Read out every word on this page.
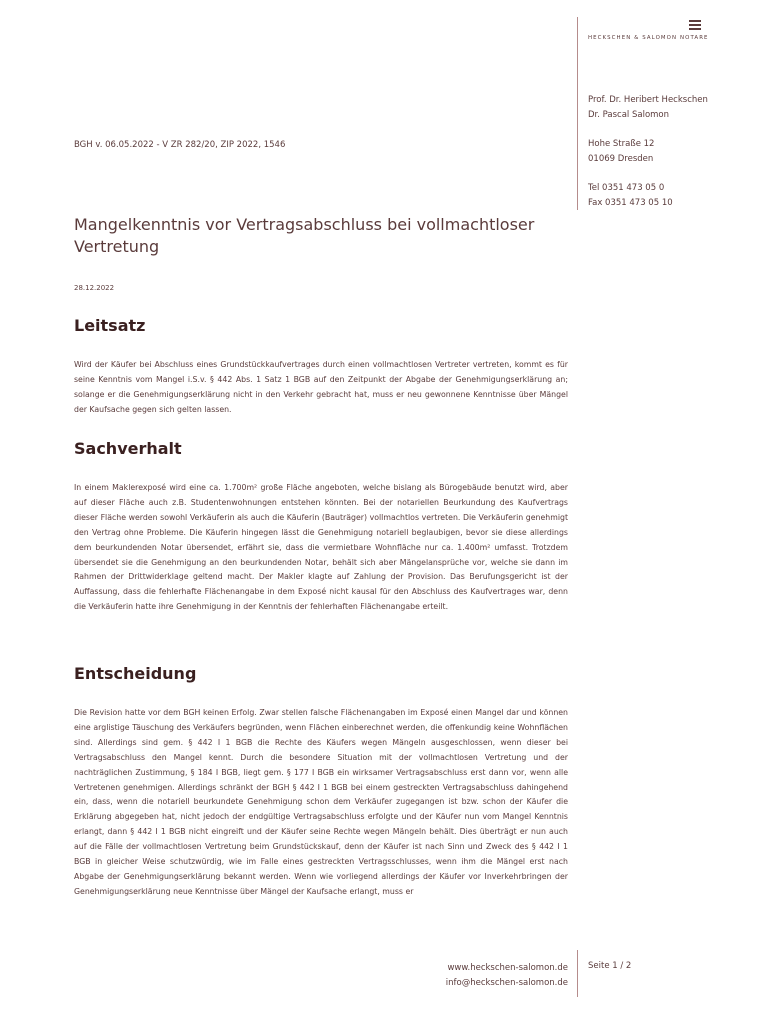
HECKSCHEN & SALOMON NOTARE
Prof. Dr. Heribert Heckschen
Dr. Pascal Salomon
Hohe Straße 12
01069 Dresden
Tel 0351 473 05 0
Fax 0351 473 05 10
BGH v. 06.05.2022 - V ZR 282/20, ZIP 2022, 1546
Mangelkenntnis vor Vertragsabschluss bei vollmachtloser Vertretung
28.12.2022
Leitsatz

Wird der Käufer bei Abschluss eines Grundstückkaufvertrages durch einen vollmachtlosen Vertreter vertreten, kommt es für seine Kenntnis vom Mangel i.S.v. § 442 Abs. 1 Satz 1 BGB auf den Zeitpunkt der Abgabe der Genehmigungserklärung an; solange er die Genehmigungserklärung nicht in den Verkehr gebracht hat, muss er neu gewonnene Kenntnisse über Mängel der Kaufsache gegen sich gelten lassen.

Sachverhalt

In einem Maklerexposé wird eine ca. 1.700m² große Fläche angeboten, welche bislang als Bürogebäude benutzt wird, aber auf dieser Fläche auch z.B. Studentenwohnungen entstehen könnten. Bei der notariellen Beurkundung des Kaufvertrags dieser Fläche werden sowohl Verkäuferin als auch die Käuferin (Bauträger) vollmachtlos vertreten. Die Verkäuferin genehmigt den Vertrag ohne Probleme. Die Käuferin hingegen lässt die Genehmigung notariell beglaubigen, bevor sie diese allerdings dem beurkundenden Notar übersendet, erfährt sie, dass die vermietbare Wohnfläche nur ca. 1.400m² umfasst. Trotzdem übersendet sie die Genehmigung an den beurkundenden Notar, behält sich aber Mängelansprüche vor, welche sie dann im Rahmen der Drittwiderklage geltend macht. Der Makler klagte auf Zahlung der Provision. Das Berufungsgericht ist der Auffassung, dass die fehlerhafte Flächenangabe in dem Exposé nicht kausal für den Abschluss des Kaufvertrages war, denn die Verkäuferin hatte ihre Genehmigung in der Kenntnis der fehlerhaften Flächenangabe erteilt.

Entscheidung

Die Revision hatte vor dem BGH keinen Erfolg. Zwar stellen falsche Flächenangaben im Exposé einen Mangel dar und können eine arglistige Täuschung des Verkäufers begründen, wenn Flächen einberechnet werden, die offenkundig keine Wohnflächen sind. Allerdings sind gem. § 442 I 1 BGB die Rechte des Käufers wegen Mängeln ausgeschlossen, wenn dieser bei Vertragsabschluss den Mangel kennt. Durch die besondere Situation mit der vollmachtlosen Vertretung und der nachträglichen Zustimmung, § 184 I BGB, liegt gem. § 177 I BGB ein wirksamer Vertragsabschluss erst dann vor, wenn alle Vertretenen genehmigen. Allerdings schränkt der BGH § 442 I 1 BGB bei einem gestreckten Vertragsabschluss dahingehend ein, dass, wenn die notariell beurkundete Genehmigung schon dem Verkäufer zugegangen ist bzw. schon der Käufer die Erklärung abgegeben hat, nicht jedoch der endgültige Vertragsabschluss erfolgte und der Käufer nun vom Mangel Kenntnis erlangt, dann § 442 I 1 BGB nicht eingreift und der Käufer seine Rechte wegen Mängeln behält. Dies überträgt er nun auch auf die Fälle der vollmachtlosen Vertretung beim Grundstückskauf, denn der Käufer ist nach Sinn und Zweck des § 442 I 1 BGB in gleicher Weise schutzwürdig, wie im Falle eines gestreckten Vertragsschlusses, wenn ihm die Mängel erst nach Abgabe der Genehmigungserklärung bekannt werden. Wenn wie vorliegend allerdings der Käufer vor Inverkehrbringen der Genehmigungserklärung neue Kenntnisse über Mängel der Kaufsache erlangt, muss er

www.heckschen-salomon.de
info@heckschen-salomon.de
Seite 1 / 2
